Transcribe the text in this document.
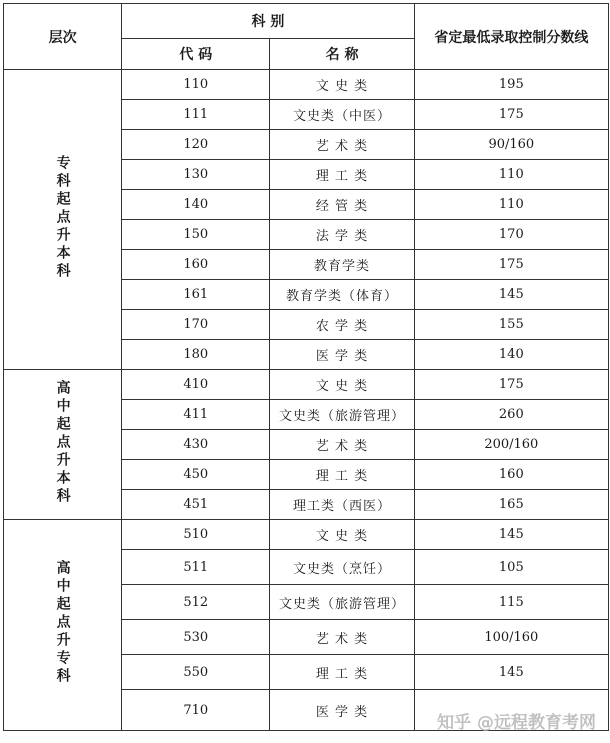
层次	科 别		省定最低录取控制分数线
	代 码	名 称	
专科起点升本科	110	文 史 类	195
	111	文史类（中医）	175
	120	艺 术 类	90/160
	130	理 工 类	110
	140	经 管 类	110
	150	法 学 类	170
	160	教育学类	175
	161	教育学类（体育）	145
	170	农 学 类	155
	180	医 学 类	140
高中起点升本科	410	文 史 类	175
	411	文史类（旅游管理）	260
	430	艺 术 类	200/160
	450	理 工 类	160
	451	理工类（西医）	165
高中起点升专科	510	文 史 类	145
	511	文史类（烹饪）	105
	512	文史类（旅游管理）	115
	530	艺 术 类	100/160
	550	理 工 类	145
	710	医 学 类	
知乎 @远程教育考网
